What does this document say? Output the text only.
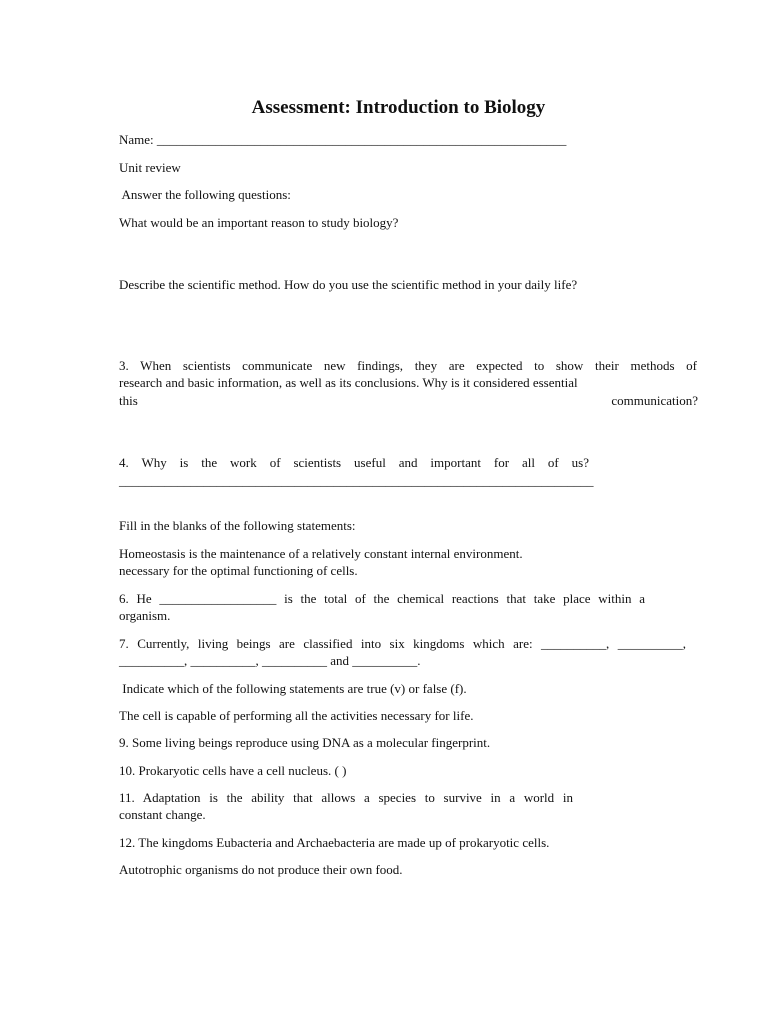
Assessment: Introduction to Biology

Name: _______________________________________________________________

Unit review

Answer the following questions:

What would be an important reason to study biology?

Describe the scientific method. How do you use the scientific method in your daily life?

3. When scientists communicate new findings, they are expected to show their methods of

research and basic information, as well as its conclusions. Why is it considered essential

this	communication?

4. Why is the work of scientists useful and important for all of us?

_________________________________________________________________________

Fill in the blanks of the following statements:

Homeostasis is the maintenance of a relatively constant internal environment.

necessary for the optimal functioning of cells.

6. He __________________ is the total of the chemical reactions that take place within a

organism.

7. Currently, living beings are classified into six kingdoms which are: __________, __________,

__________, __________, __________ and __________.

Indicate which of the following statements are true (v) or false (f).

The cell is capable of performing all the activities necessary for life.

9. Some living beings reproduce using DNA as a molecular fingerprint.

10. Prokaryotic cells have a cell nucleus. ( )

11. Adaptation is the ability that allows a species to survive in a world in

constant change.

12. The kingdoms Eubacteria and Archaebacteria are made up of prokaryotic cells.

Autotrophic organisms do not produce their own food.
